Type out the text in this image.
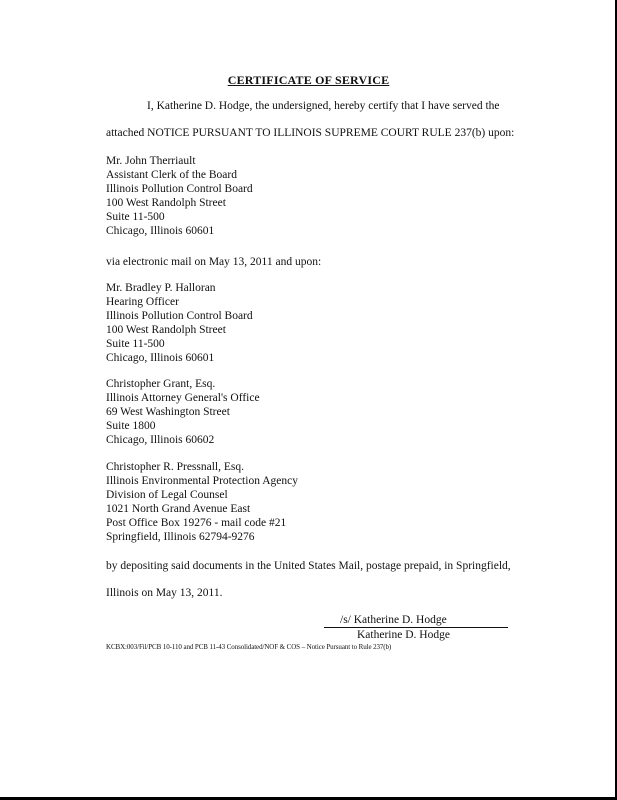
CERTIFICATE OF SERVICE
I, Katherine D. Hodge, the undersigned, hereby certify that I have served the
attached NOTICE PURSUANT TO ILLINOIS SUPREME COURT RULE 237(b) upon:
Mr. John Therriault
Assistant Clerk of the Board
Illinois Pollution Control Board
100 West Randolph Street
Suite 11-500
Chicago, Illinois 60601
via electronic mail on May 13, 2011 and upon:
Mr. Bradley P. Halloran
Hearing Officer
Illinois Pollution Control Board
100 West Randolph Street
Suite 11-500
Chicago, Illinois 60601
Christopher Grant, Esq.
Illinois Attorney General's Office
69 West Washington Street
Suite 1800
Chicago, Illinois 60602
Christopher R. Pressnall, Esq.
Illinois Environmental Protection Agency
Division of Legal Counsel
1021 North Grand Avenue East
Post Office Box 19276 - mail code #21
Springfield, Illinois 62794-9276
by depositing said documents in the United States Mail, postage prepaid, in Springfield,
Illinois on May 13, 2011.
/s/ Katherine D. Hodge
Katherine D. Hodge
KCBX:003/Fil/PCB 10-110 and PCB 11-43 Consolidated/NOF & COS – Notice Pursuant to Rule 237(b)
